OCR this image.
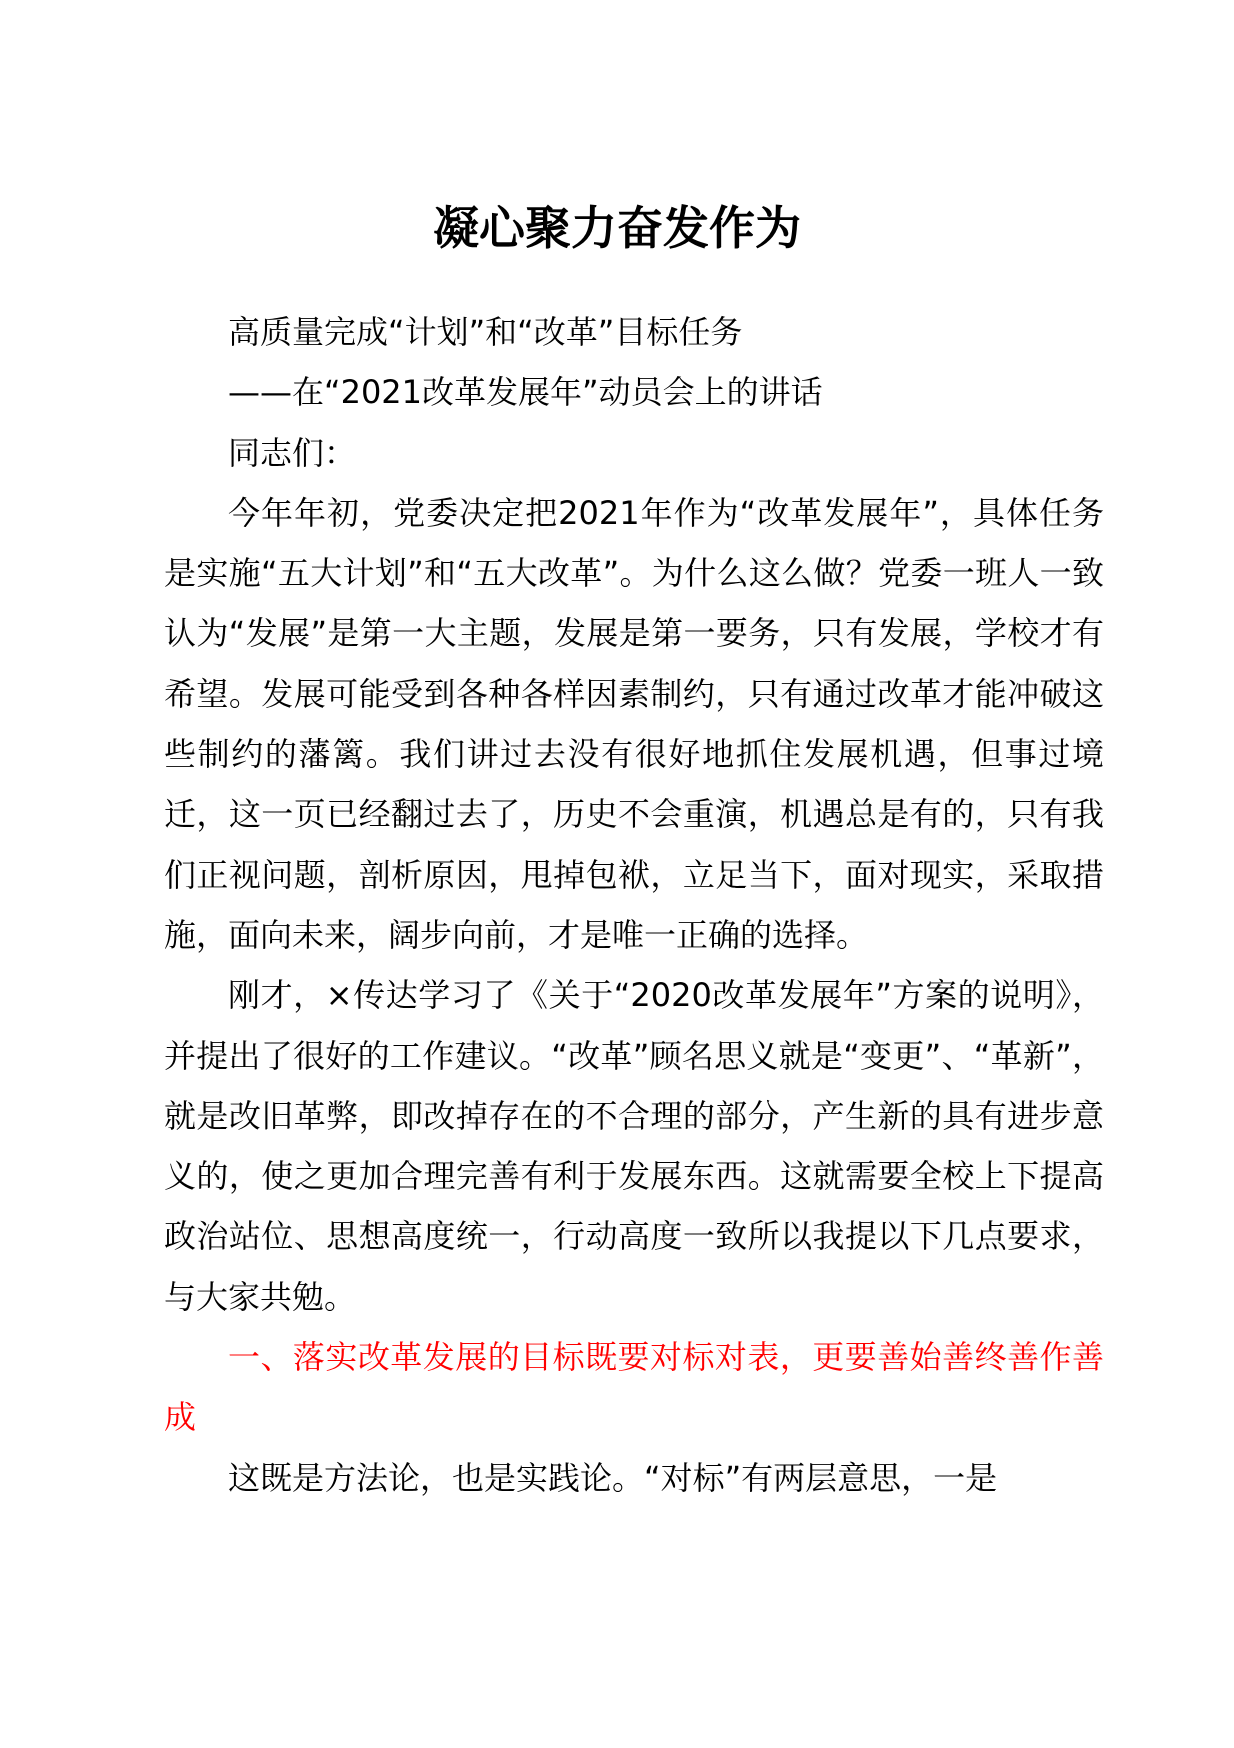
凝心聚力奋发作为

高质量完成“计划”和“改革”目标任务

——在“2021改革发展年”动员会上的讲话

同志们：

今年年初，党委决定把2021年作为“改革发展年”，具体任务是实施“五大计划”和“五大改革”。为什么这么做？党委一班人一致认为“发展”是第一大主题，发展是第一要务，只有发展，学校才有希望。发展可能受到各种各样因素制约，只有通过改革才能冲破这些制约的藩篱。我们讲过去没有很好地抓住发展机遇，但事过境迁，这一页已经翻过去了，历史不会重演，机遇总是有的，只有我们正视问题，剖析原因，甩掉包袱，立足当下，面对现实，采取措施，面向未来，阔步向前，才是唯一正确的选择。

刚才，×传达学习了《关于“2020改革发展年”方案的说明》，并提出了很好的工作建议。“改革”顾名思义就是“变更”、“革新”，就是改旧革弊，即改掉存在的不合理的部分，产生新的具有进步意义的，使之更加合理完善有利于发展东西。这就需要全校上下提高政治站位、思想高度统一，行动高度一致所以我提以下几点要求，与大家共勉。

一、落实改革发展的目标既要对标对表，更要善始善终善作善成

这既是方法论，也是实践论。“对标”有两层意思，一是
